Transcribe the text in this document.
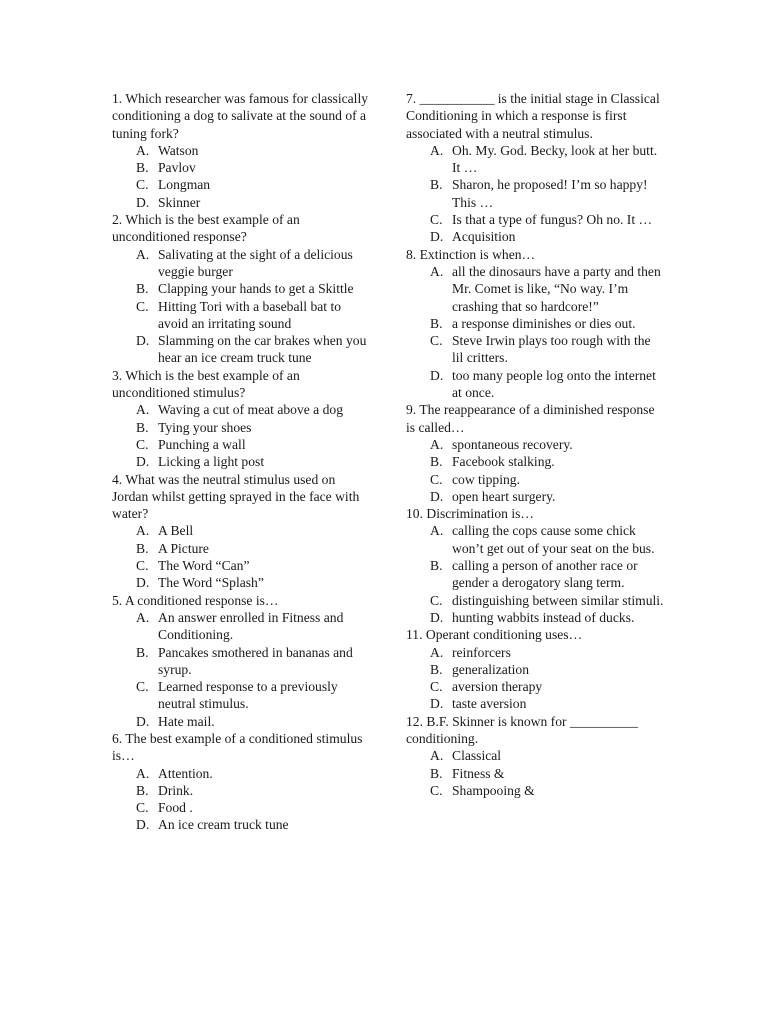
1. Which researcher was famous for classically conditioning a dog to salivate at the sound of a tuning fork?
A. Watson
B. Pavlov
C. Longman
D. Skinner
2. Which is the best example of an unconditioned response?
A. Salivating at the sight of a delicious veggie burger
B. Clapping your hands to get a Skittle
C. Hitting Tori with a baseball bat to avoid an irritating sound
D. Slamming on the car brakes when you hear an ice cream truck tune
3. Which is the best example of an unconditioned stimulus?
A. Waving a cut of meat above a dog
B. Tying your shoes
C. Punching a wall
D. Licking a light post
4. What was the neutral stimulus used on Jordan whilst getting sprayed in the face with water?
A. A Bell
B. A Picture
C. The Word “Can”
D. The Word “Splash”
5. A conditioned response is…
A. An answer enrolled in Fitness and Conditioning.
B. Pancakes smothered in bananas and syrup.
C. Learned response to a previously neutral stimulus.
D. Hate mail.
6. The best example of a conditioned stimulus is…
A. Attention.
B. Drink.
C. Food .
D. An ice cream truck tune
7. ___________ is the initial stage in Classical Conditioning in which a response is first associated with a neutral stimulus.
A. Oh. My. God. Becky, look at her butt. It …
B. Sharon, he proposed! I’m so happy! This …
C. Is that a type of fungus? Oh no. It …
D. Acquisition
8. Extinction is when…
A. all the dinosaurs have a party and then Mr. Comet is like, “No way. I’m crashing that so hardcore!”
B. a response diminishes or dies out.
C. Steve Irwin plays too rough with the lil critters.
D. too many people log onto the internet at once.
9. The reappearance of a diminished response is called…
A. spontaneous recovery.
B. Facebook stalking.
C. cow tipping.
D. open heart surgery.
10. Discrimination is…
A. calling the cops cause some chick won’t get out of your seat on the bus.
B. calling a person of another race or gender a derogatory slang term.
C. distinguishing between similar stimuli.
D. hunting wabbits instead of ducks.
11. Operant conditioning uses…
A. reinforcers
B. generalization
C. aversion therapy
D. taste aversion
12. B.F. Skinner is known for __________ conditioning.
A. Classical
B. Fitness &
C. Shampooing &
